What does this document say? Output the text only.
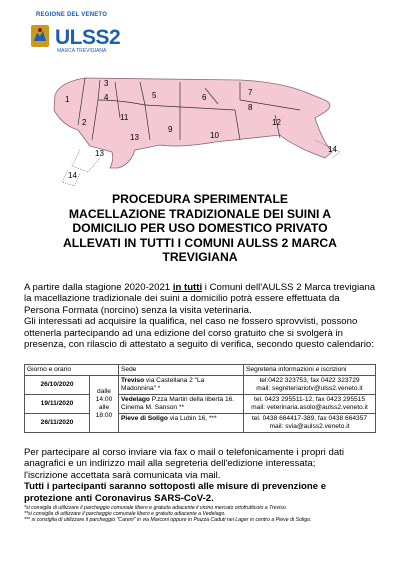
REGIONE DEL VENETO
ULSS2
MARCA TREVIGIANA
1
2
3
4	5	6
7
8
9
10
11
12
13
13	14
14
PROCEDURA SPERIMENTALE
MACELLAZIONE TRADIZIONALE DEI SUINI A
DOMICILIO PER USO DOMESTICO PRIVATO
ALLEVATI IN TUTTI I COMUNI AULSS 2 MARCA
TREVIGIANA

A partire dalla stagione 2020-2021 in tutti i Comuni dell'AULSS 2 Marca trevigiana la macellazione tradizionale dei suini a domicilio potrà essere effettuata da Persona Formata (norcino) senza la visita veterinaria.

Gli interessati ad acquisire la qualifica, nel caso ne fossero sprovvisti, possono ottenerla partecipando ad una edizione del corso gratuito che si svolgerà in presenza, con rilascio di attestato a seguito di verifica, secondo questo calendario:

Giorno e orario		Sede	Segreteria informazioni e iscrizioni
26/10/2020	dalle 14:00 alle 18:00	Treviso via Castellana 2 "La Madonnina" *	tel:0422 323753, fax 0422 323729
mail: segreteriariotv@ulss2.veneto.it

19/11/2020		Vedelago P.zza Martiri della libertà 16. Cinema M. Sanson **	tel. 0423 295511-12, fax 0423 295515
mail: veterinaria.asolo@aulss2.veneto.it

26/11/2020		Pieve di Soligo via Lubin 16, ***	tel. 0438 664417-389, fax 0438 664357
mail: svia@aulss2.veneto.it

Per partecipare al corso inviare via fax o mail o telefonicamente i propri dati anagrafici e un indirizzo mail alla segreteria dell'edizione interessata;

l'iscrizione accettata sarà comunicata via mail.

Tutti i partecipanti saranno sottoposti alle misure di prevenzione e protezione anti Coronavirus SARS-CoV-2.

*si consiglia di utilizzare il parcheggio comunale libero e gratuito adiacente il vicino mercato ortofrutticolo a Treviso.

**si consiglia di utilizzare il parcheggio comunale libero e gratuito adiacente a Vedelago.

*** si consiglia di utilizzare il parcheggio "Careni" in via Marconi oppure in Piazza Caduti nei Lager in centro a Pieve di Soligo.
